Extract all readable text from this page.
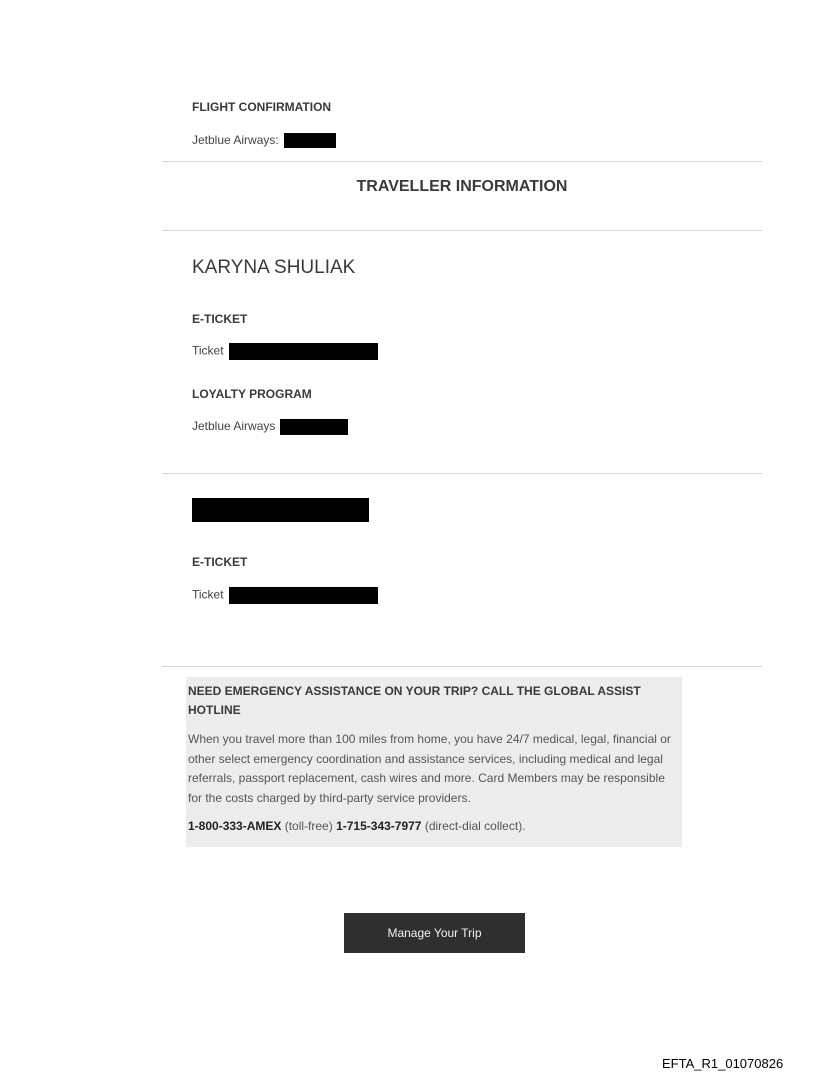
FLIGHT CONFIRMATION
Jetblue Airways:
TRAVELLER INFORMATION
KARYNA SHULIAK
E-TICKET
Ticket
LOYALTY PROGRAM
Jetblue Airways
E-TICKET
Ticket
NEED EMERGENCY ASSISTANCE ON YOUR TRIP? CALL THE GLOBAL ASSIST HOTLINE
When you travel more than 100 miles from home, you have 24/7 medical, legal, financial or other select emergency coordination and assistance services, including medical and legal referrals, passport replacement, cash wires and more. Card Members may be responsible for the costs charged by third-party service providers.
1-800-333-AMEX (toll-free) 1-715-343-7977 (direct-dial collect).
Manage Your Trip
EFTA_R1_01070826
